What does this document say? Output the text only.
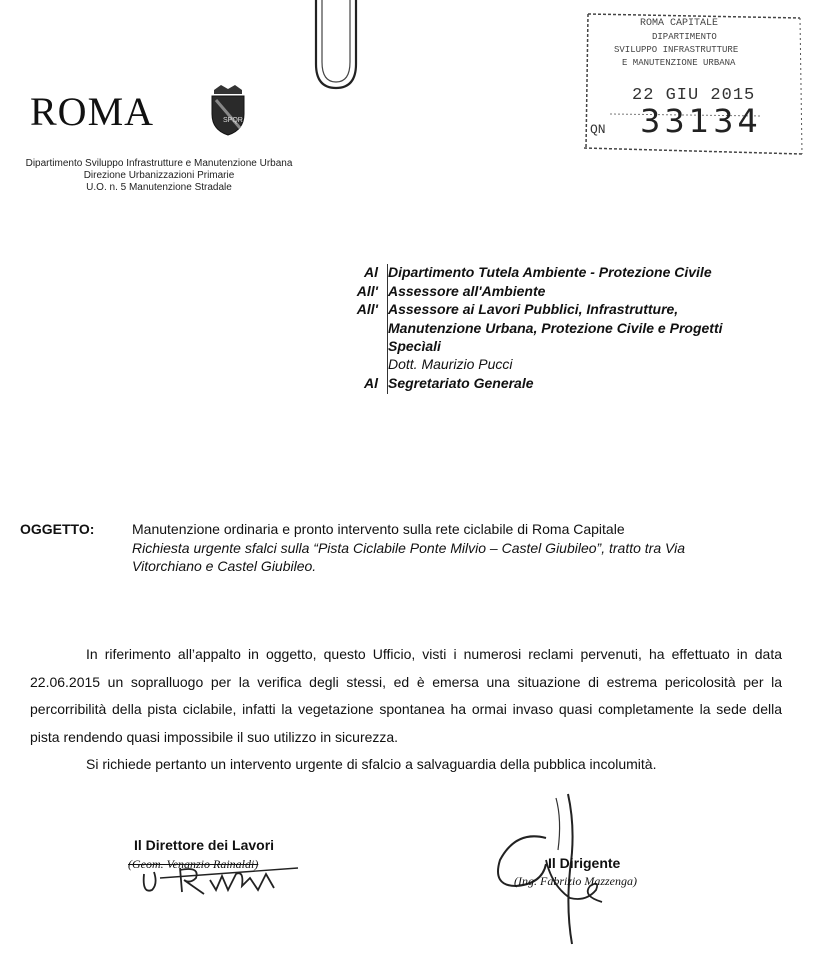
ROMA	SPQR
Dipartimento Sviluppo Infrastrutture e Manutenzione Urbana
Direzione Urbanizzazioni Primarie
U.O. n. 5 Manutenzione Stradale
ROMA CAPITALE
DIPARTIMENTO
SVILUPPO INFRASTRUTTURE
E MANUTENZIONE URBANA
22 GIU 2015
QN 33134
Al Dipartimento Tutela Ambiente - Protezione Civile
All' Assessore all'Ambiente
All' Assessore ai Lavori Pubblici, Infrastrutture,
Manutenzione Urbana, Protezione Civile e Progetti
Specìali
Dott. Maurizio Pucci
Al Segretariato Generale
OGGETTO:	Manutenzione ordinaria e pronto intervento sulla rete ciclabile di Roma Capitale
Richiesta urgente sfalci sulla “Pista Ciclabile Ponte Milvio – Castel Giubileo”, tratto tra Via
Vitorchiano e Castel Giubileo.
In riferimento all’appalto in oggetto, questo Ufficio, visti i numerosi reclami pervenuti, ha effettuato in data 22.06.2015 un sopralluogo per la verifica degli stessi, ed è emersa una situazione di estrema pericolosità per la percorribilità della pista ciclabile, infatti la vegetazione spontanea ha ormai invaso quasi completamente la sede della pista rendendo quasi impossibile il suo utilizzo in sicurezza.
Si richiede pertanto un intervento urgente di sfalcio a salvaguardia della pubblica incolumità.
Il Direttore dei Lavori
(Geom. Venanzio Rainaldi)	Il Dirigente
(Ing. Fabrizio Mazzenga)
